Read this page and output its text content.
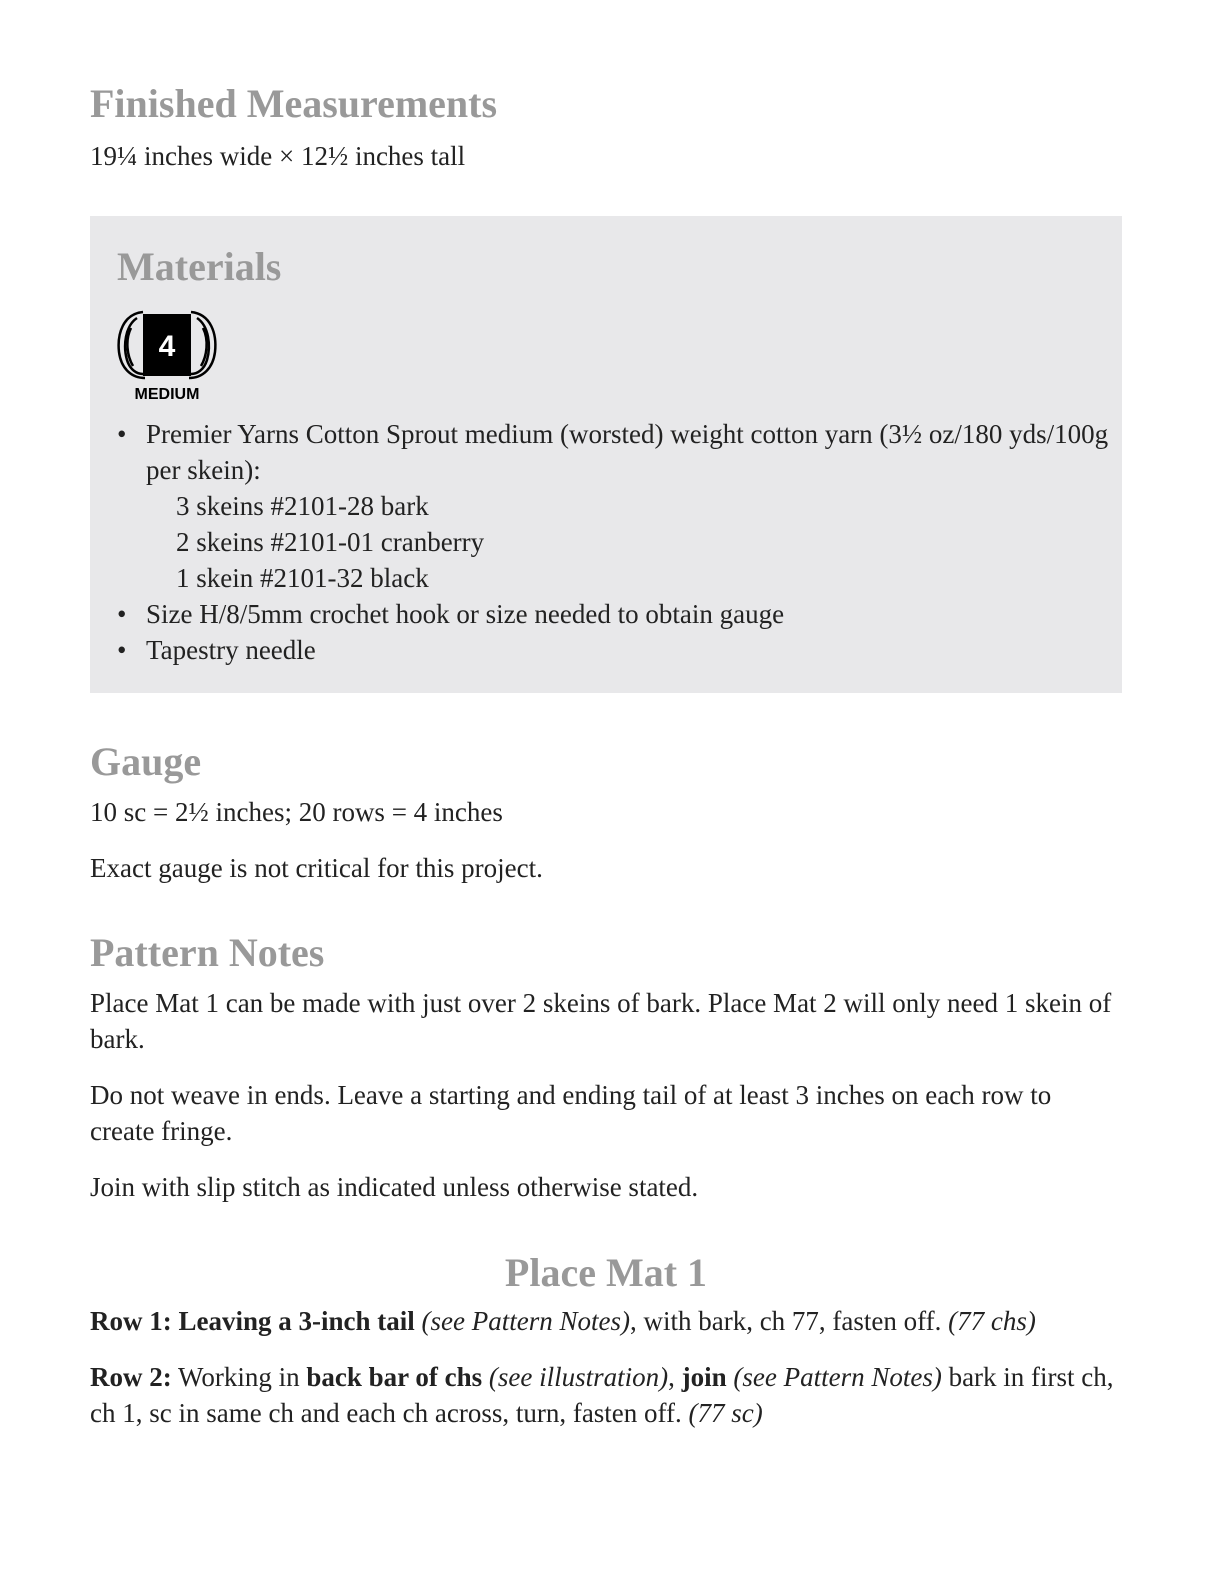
Finished Measurements

19¼ inches wide × 12½ inches tall

Materials
4
MEDIUM
• Premier Yarns Cotton Sprout medium (worsted) weight cotton yarn (3½ oz/180 yds/100g per skein):
3 skeins #2101-28 bark
2 skeins #2101-01 cranberry
1 skein #2101-32 black
• Size H/8/5mm crochet hook or size needed to obtain gauge
• Tapestry needle
Gauge

10 sc = 2½ inches; 20 rows = 4 inches

Exact gauge is not critical for this project.

Pattern Notes

Place Mat 1 can be made with just over 2 skeins of bark. Place Mat 2 will only need 1 skein of bark.

Do not weave in ends. Leave a starting and ending tail of at least 3 inches on each row to create fringe.

Join with slip stitch as indicated unless otherwise stated.

Place Mat 1

Row 1: Leaving a 3-inch tail (see Pattern Notes), with bark, ch 77, fasten off. (77 chs)

Row 2: Working in back bar of chs (see illustration), join (see Pattern Notes) bark in first ch, ch 1, sc in same ch and each ch across, turn, fasten off. (77 sc)
